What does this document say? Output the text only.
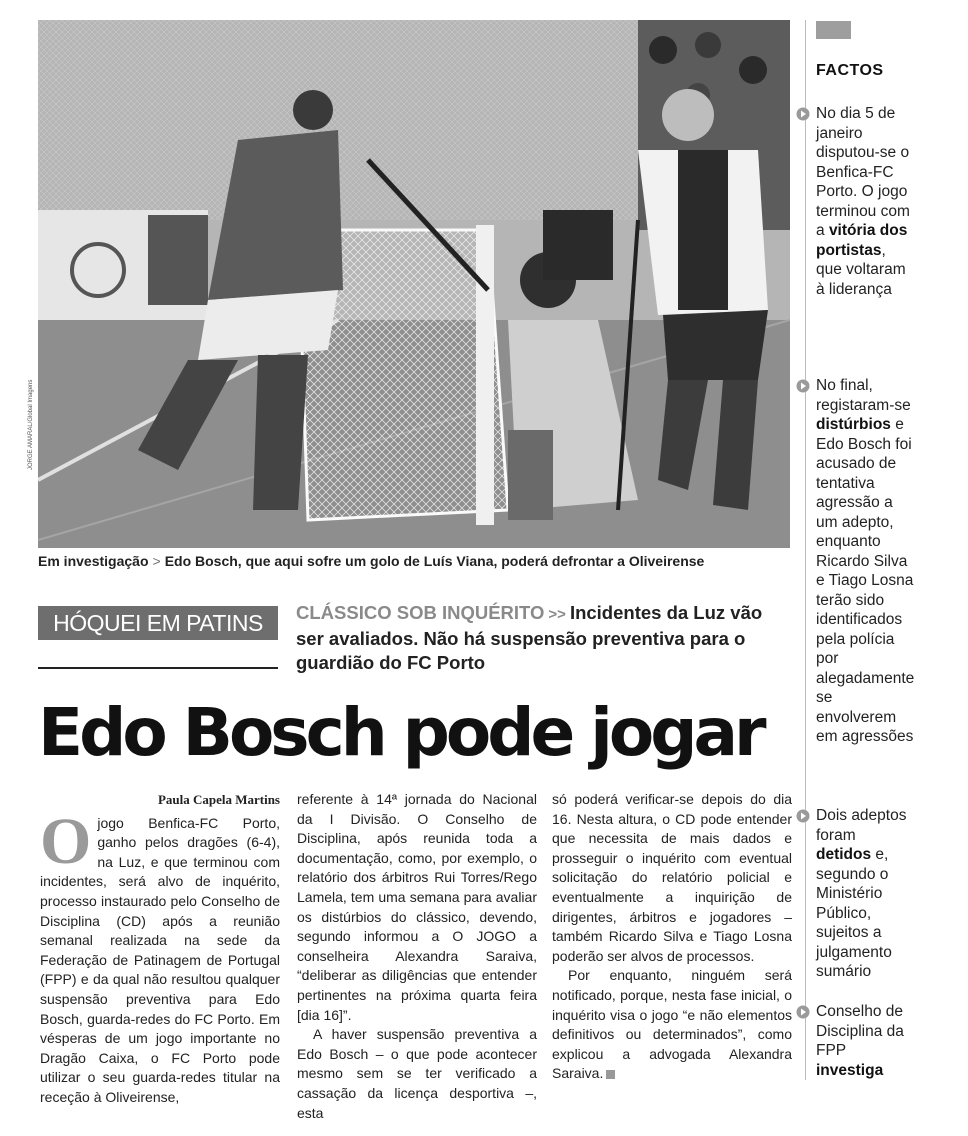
JORGE AMARAL/Global Imagens
Em investigação > Edo Bosch, que aqui sofre um golo de Luís Viana, poderá defrontar a Oliveirense
HÓQUEI EM PATINS	CLÁSSICO SOB INQUÉRITO >> Incidentes da Luz vão ser avaliados. Não há suspensão preventiva para o guardião do FC Porto
Edo Bosch pode jogar
Paula Capela Martins
O jogo Benfica-FC Porto, ganho pelos dragões (6-4), na Luz, e que terminou com incidentes, será alvo de inquérito, processo instaurado pelo Conselho de Disciplina (CD) após a reunião semanal realizada na sede da Federação de Patinagem de Portugal (FPP) e da qual não resultou qualquer suspensão preventiva para Edo Bosch, guarda-redes do FC Porto. Em vésperas de um jogo importante no Dragão Caixa, o FC Porto pode utilizar o seu guarda-redes titular na receção à Oliveirense,

referente à 14ª jornada do Nacional da I Divisão. O Conselho de Disciplina, após reunida toda a documentação, como, por exemplo, o relatório dos árbitros Rui Torres/Rego Lamela, tem uma semana para avaliar os distúrbios do clássico, devendo, segundo informou a O JOGO a conselheira Alexandra Saraiva, “deliberar as diligências que entender pertinentes na próxima quarta feira [dia 16]”.

A haver suspensão preventiva a Edo Bosch – o que pode acontecer mesmo sem se ter verificado a cassação da licença desportiva –, esta

só poderá verificar-se depois do dia 16. Nesta altura, o CD pode entender que necessita de mais dados e prosseguir o inquérito com eventual solicitação do relatório policial e eventualmente a inquirição de dirigentes, árbitros e jogadores – também Ricardo Silva e Tiago Losna poderão ser alvos de processos.

Por enquanto, ninguém será notificado, porque, nesta fase inicial, o inquérito visa o jogo “e não elementos definitivos ou determinados”, como explicou a advogada Alexandra Saraiva.

FACTOS
No dia 5 de janeiro disputou-se o Benfica-FC Porto. O jogo terminou com a vitória dos portistas, que voltaram à liderança
No final, registaram-se distúrbios e Edo Bosch foi acusado de tentativa agressão a um adepto, enquanto Ricardo Silva e Tiago Losna terão sido identificados pela polícia por alegadamente se envolverem em agressões
Dois adeptos foram detidos e, segundo o Ministério Público, sujeitos a julgamento sumário
Conselho de Disciplina da FPP investiga
